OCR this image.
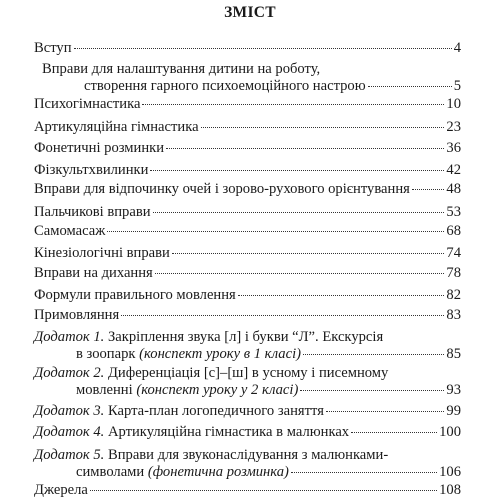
ЗМІСТ
Вступ	4
Вправи для налаштування дитини на роботу,
створення гарного психоемоційного настрою	5
Психогімнастика	10
Артикуляційна гімнастика	23
Фонетичні розминки	36
Фізкультхвилинки	42
Вправи для відпочинку очей і зорово-рухового орієнтування	48
Пальчикові вправи	53
Самомасаж	68
Кінезіологічні вправи	74
Вправи на дихання	78
Формули правильного мовлення	82
Примовляння	83
Додаток 1. Закріплення звука [л] і букви “Л”. Екскурсія
в зоопарк (конспект уроку в 1 класі)	85
Додаток 2. Диференціація [с]–[ш] в усному і писемному
мовленні (конспект уроку у 2 класі)	93
Додаток 3. Карта-план логопедичного заняття	99
Додаток 4. Артикуляційна гімнастика в малюнках	100
Додаток 5. Вправи для звуконаслідування з малюнками-
символами (фонетична розминка)	106
Джерела	108
